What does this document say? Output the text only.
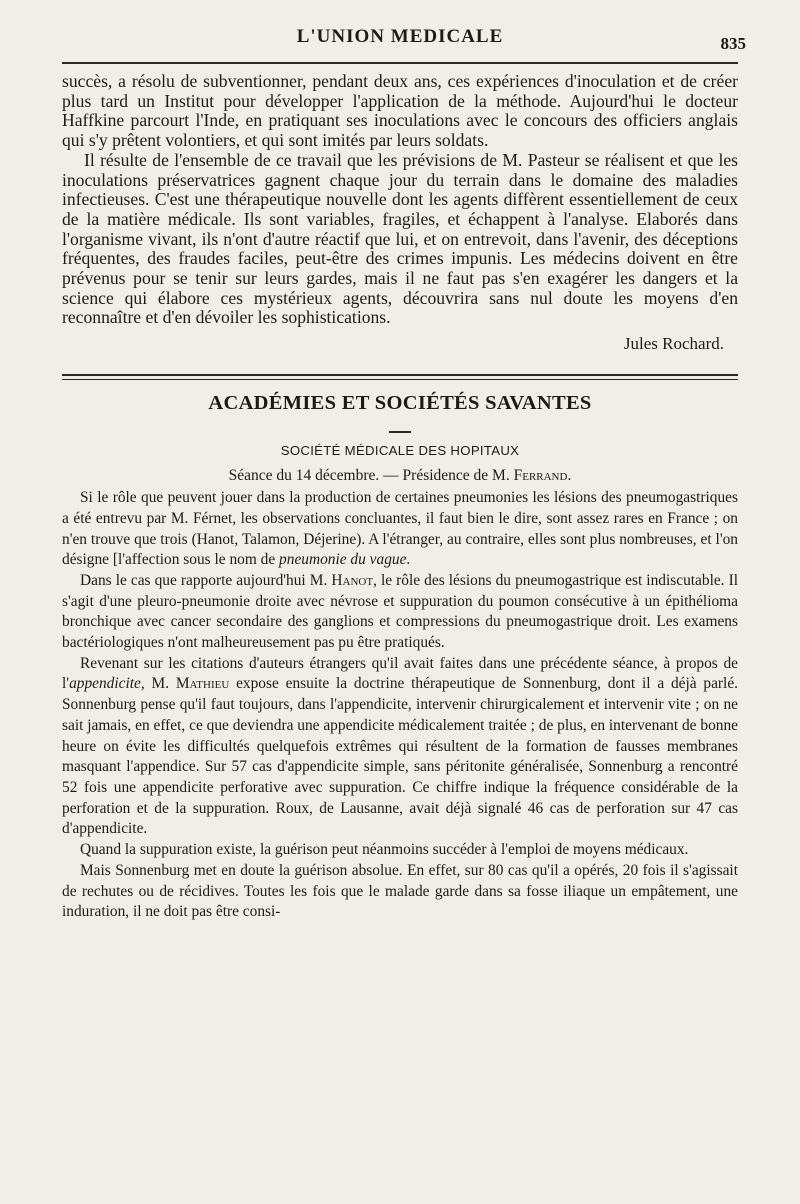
L'UNION MEDICALE	835

succès, a résolu de subventionner, pendant deux ans, ces expériences d'inoculation et de créer plus tard un Institut pour développer l'application de la méthode. Aujourd'hui le docteur Haffkine parcourt l'Inde, en pratiquant ses inoculations avec le concours des officiers anglais qui s'y prêtent volontiers, et qui sont imités par leurs soldats.

Il résulte de l'ensemble de ce travail que les prévisions de M. Pasteur se réalisent et que les inoculations préservatrices gagnent chaque jour du terrain dans le domaine des maladies infectieuses. C'est une thérapeutique nouvelle dont les agents diffèrent essentiellement de ceux de la matière médicale. Ils sont variables, fragiles, et échappent à l'analyse. Elaborés dans l'organisme vivant, ils n'ont d'autre réactif que lui, et on entrevoit, dans l'avenir, des déceptions fréquentes, des fraudes faciles, peut-être des crimes impunis. Les médecins doivent en être prévenus pour se tenir sur leurs gardes, mais il ne faut pas s'en exagérer les dangers et la science qui élabore ces mystérieux agents, découvrira sans nul doute les moyens d'en reconnaître et d'en dévoiler les sophistications.

Jules Rochard.
ACADÉMIES ET SOCIÉTÉS SAVANTES
SOCIÉTÉ MÉDICALE DES HOPITAUX
Séance du 14 décembre. — Présidence de M. Ferrand.

Si le rôle que peuvent jouer dans la production de certaines pneumonies les lésions des pneumogastriques a été entrevu par M. Férnet, les observations concluantes, il faut bien le dire, sont assez rares en France ; on n'en trouve que trois (Hanot, Talamon, Déjerine). A l'étranger, au contraire, elles sont plus nombreuses, et l'on désigne [l'affection sous le nom de pneumonie du vague.

Dans le cas que rapporte aujourd'hui M. Hanot, le rôle des lésions du pneumogastrique est indiscutable. Il s'agit d'une pleuro-pneumonie droite avec névrose et suppuration du poumon consécutive à un épithélioma bronchique avec cancer secondaire des ganglions et compressions du pneumogastrique droit. Les examens bactériologiques n'ont malheureusement pas pu être pratiqués.

Revenant sur les citations d'auteurs étrangers qu'il avait faites dans une précédente séance, à propos de l'appendicite, M. Mathieu expose ensuite la doctrine thérapeutique de Sonnenburg, dont il a déjà parlé. Sonnenburg pense qu'il faut toujours, dans l'appendicite, intervenir chirurgicalement et intervenir vite ; on ne sait jamais, en effet, ce que deviendra une appendicite médicalement traitée ; de plus, en intervenant de bonne heure on évite les difficultés quelquefois extrêmes qui résultent de la formation de fausses membranes masquant l'appendice. Sur 57 cas d'appendicite simple, sans péritonite généralisée, Sonnenburg a rencontré 52 fois une appendicite perforative avec suppuration. Ce chiffre indique la fréquence considérable de la perforation et de la suppuration. Roux, de Lausanne, avait déjà signalé 46 cas de perforation sur 47 cas d'appendicite.

Quand la suppuration existe, la guérison peut néanmoins succéder à l'emploi de moyens médicaux.

Mais Sonnenburg met en doute la guérison absolue. En effet, sur 80 cas qu'il a opérés, 20 fois il s'agissait de rechutes ou de récidives. Toutes les fois que le malade garde dans sa fosse iliaque un empâtement, une induration, il ne doit pas être consi-
